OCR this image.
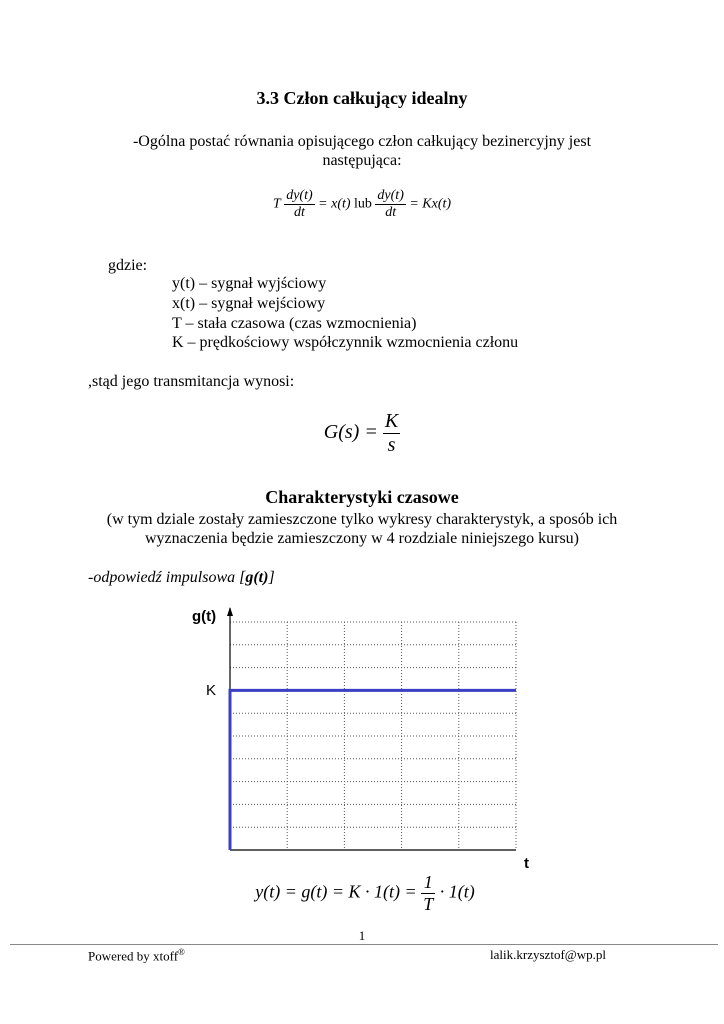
3.3 Człon całkujący idealny
-Ogólna postać równania opisującego człon całkujący bezinercyjny jest
następująca:
T $\frac{dy(t)}{dt} = x(t)$ lub $\frac{dy(t)}{dt} = Kx(t)$
gdzie:
y(t) – sygnał wyjściowy
x(t) – sygnał wejściowy
T – stała czasowa (czas wzmocnienia)
K – prędkościowy współczynnik wzmocnienia członu
,stąd jego transmitancja wynosi:
$G(s) = \frac{K}{s}$
Charakterystyki czasowe
(w tym dziale zostały zamieszczone tylko wykresy charakterystyk, a sposób ich
wyznaczenia będzie zamieszczony w 4 rozdziale niniejszego kursu)
-odpowiedź impulsowa [g(t)]
g(t)
K
t
$y(t) = g(t) = K \cdot 1(t) = \frac{1}{T} \cdot 1(t)$
1
Powered by xtoff®	lalik.krzysztof@wp.pl
